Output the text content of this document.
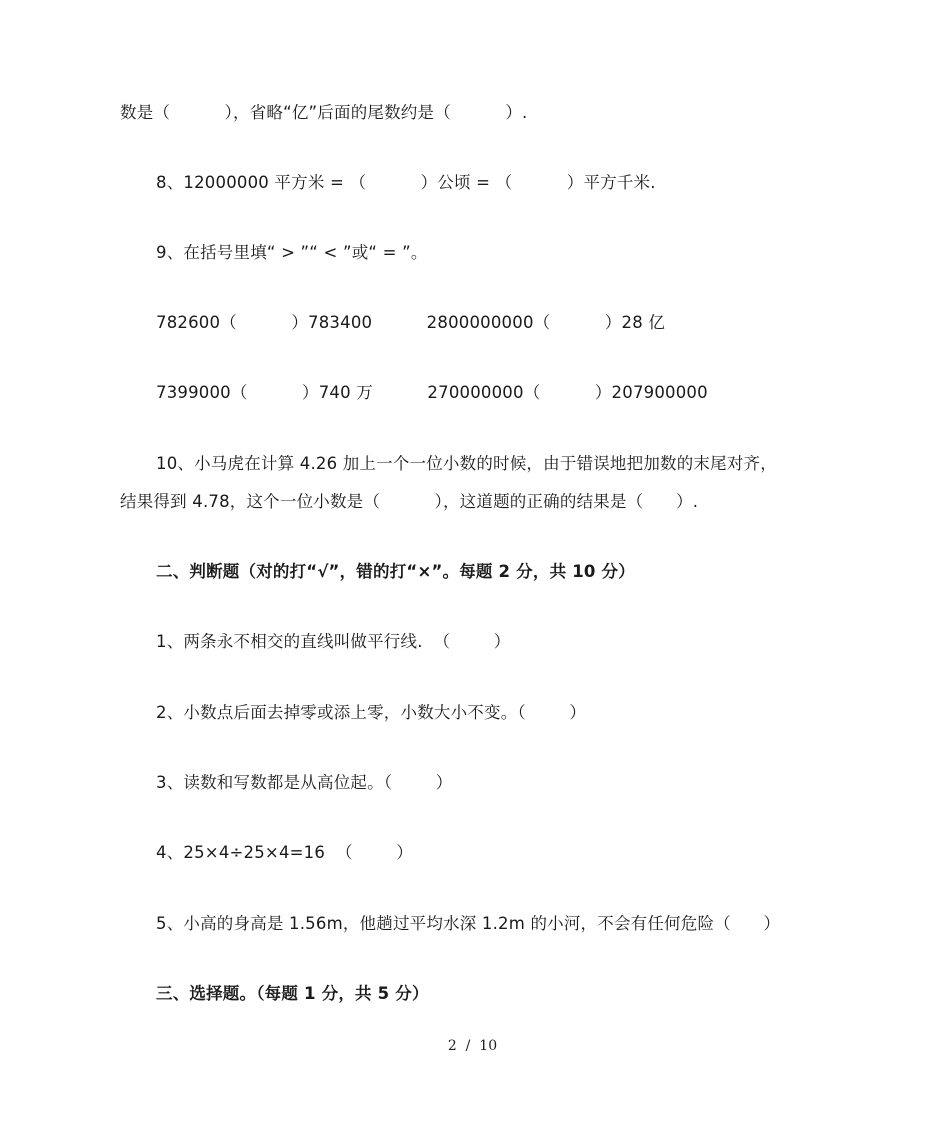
数是（          ），省略“亿”后面的尾数约是（          ）.
8、12000000 平方米 = （          ）公顷 = （          ）平方千米.
9、在括号里填“ > ”“ < ”或“ = ”。
782600（          ）783400          2800000000（          ）28 亿
7399000（          ）740 万          270000000（          ）207900000
10、小马虎在计算 4.26 加上一个一位小数的时候，由于错误地把加数的末尾对齐，
结果得到 4.78，这个一位小数是（          ），这道题的正确的结果是（      ）.
二、判断题（对的打“√”，错的打“×”。每题 2 分，共 10 分）
1、两条永不相交的直线叫做平行线.  （        ）
2、小数点后面去掉零或添上零，小数大小不变。（        ）
3、读数和写数都是从高位起。（        ）
4、25×4÷25×4=16  （        ）
5、小高的身高是 1.56m，他趟过平均水深 1.2m 的小河，不会有任何危险（      ）
三、选择题。（每题 1 分，共 5 分）
2  /  10
